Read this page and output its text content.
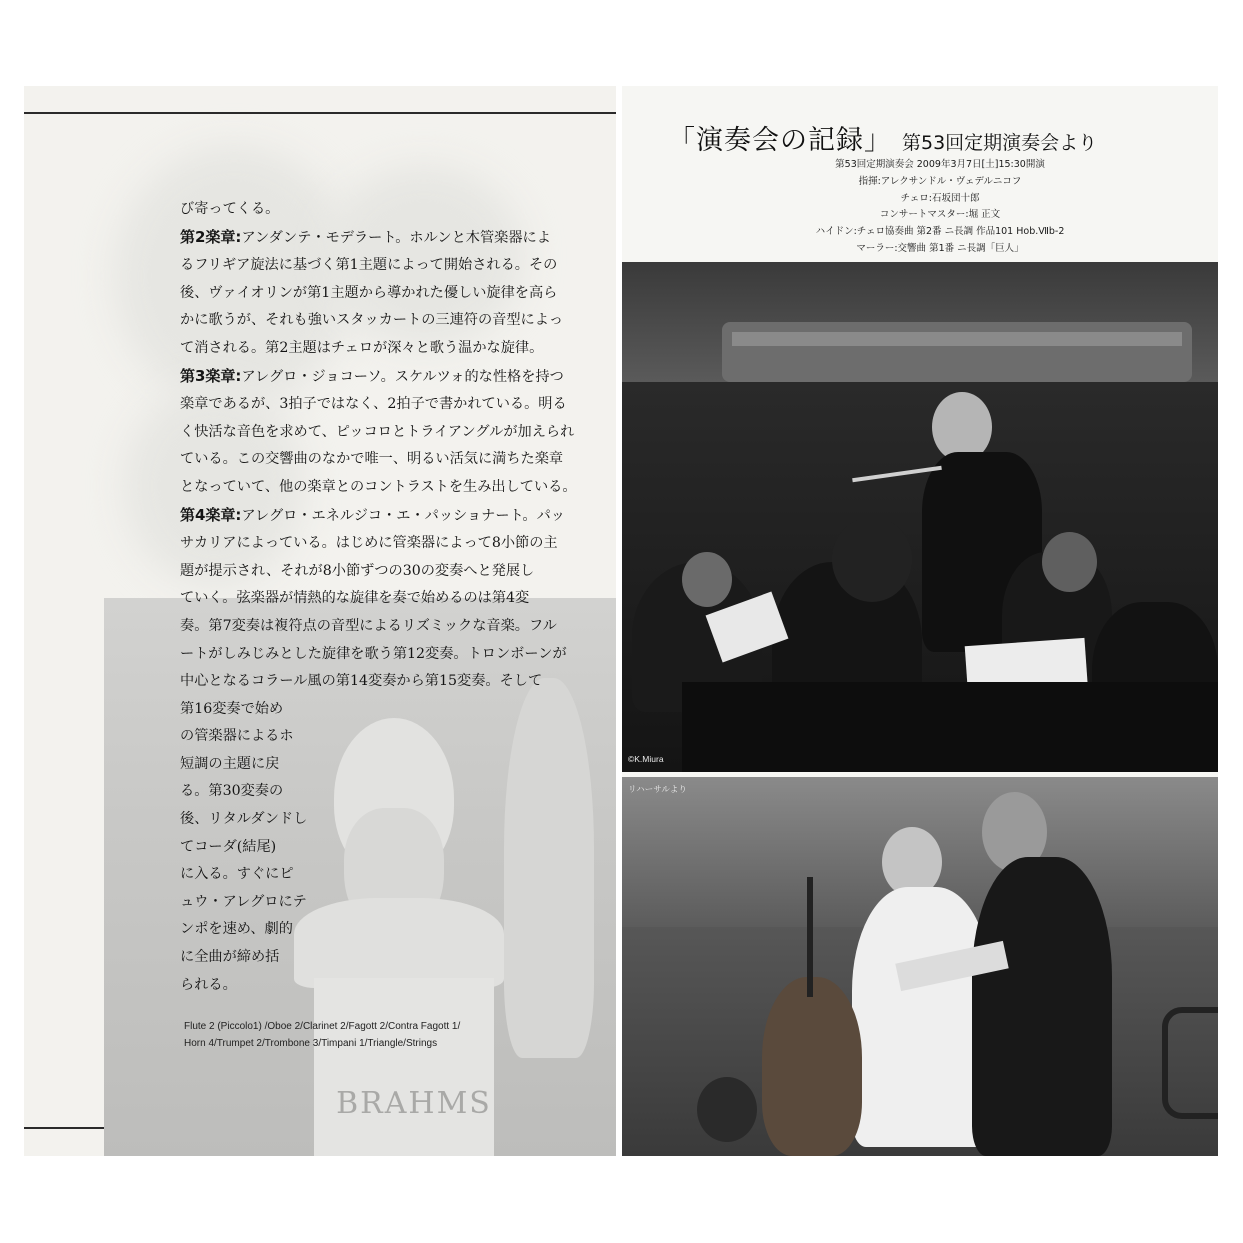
BRAHMS

び寄ってくる。

第2楽章:アンダンテ・モデラート。ホルンと木管楽器によ

るフリギア旋法に基づく第1主題によって開始される。その

後、ヴァイオリンが第1主題から導かれた優しい旋律を高ら

かに歌うが、それも強いスタッカートの三連符の音型によっ

て消される。第2主題はチェロが深々と歌う温かな旋律。

第3楽章:アレグロ・ジョコーソ。スケルツォ的な性格を持つ

楽章であるが、3拍子ではなく、2拍子で書かれている。明る

く快活な音色を求めて、ピッコロとトライアングルが加えられ

ている。この交響曲のなかで唯一、明るい活気に満ちた楽章

となっていて、他の楽章とのコントラストを生み出している。

第4楽章:アレグロ・エネルジコ・エ・パッショナート。パッ

サカリアによっている。はじめに管楽器によって8小節の主

題が提示され、それが8小節ずつの30の変奏へと発展し

ていく。弦楽器が情熱的な旋律を奏で始めるのは第4変

奏。第7変奏は複符点の音型によるリズミックな音楽。フル

ートがしみじみとした旋律を歌う第12変奏。トロンボーンが

中心となるコラール風の第14変奏から第15変奏。そして

第16変奏で始め

の管楽器によるホ

短調の主題に戻

る。第30変奏の

後、リタルダンドし

てコーダ(結尾)

に入る。すぐにピ

ュウ・アレグロにテ

ンポを速め、劇的

に全曲が締め括

られる。

Flute 2 (Piccolo1) /Oboe 2/Clarinet 2/Fagott 2/Contra Fagott 1/

Horn 4/Trumpet 2/Trombone 3/Timpani 1/Triangle/Strings

「演奏会の記録」 第53回定期演奏会より

第53回定期演奏会 2009年3月7日[土]15:30開演

指揮:アレクサンドル・ヴェデルニコフ

チェロ:石坂団十郎

コンサートマスター:堀 正文

ハイドン:チェロ協奏曲 第2番 ニ長調 作品101 Hob.Ⅶb-2

マーラー:交響曲 第1番 ニ長調「巨人」

©K.Miura
リハーサルより
